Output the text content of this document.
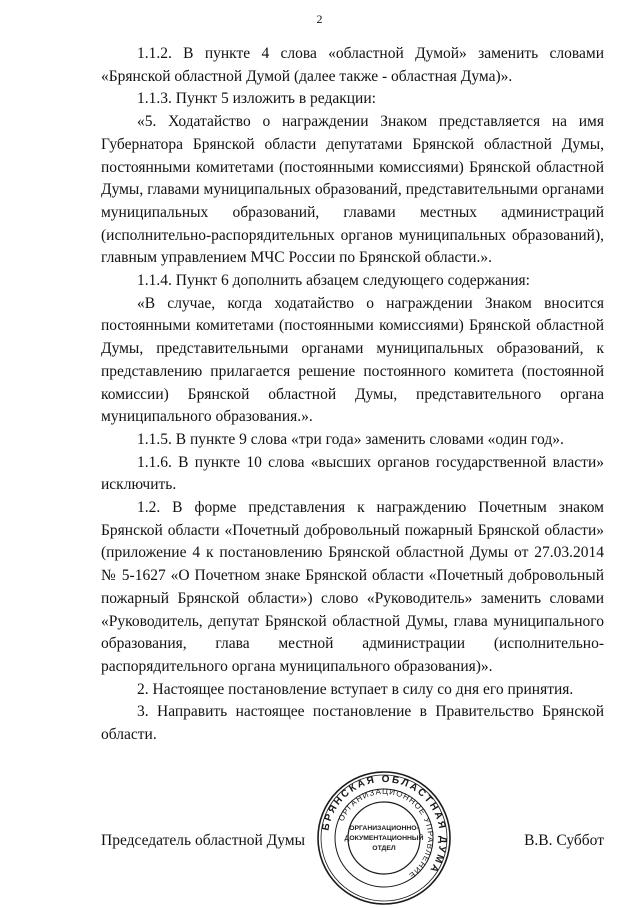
2

1.1.2. В пункте 4 слова «областной Думой» заменить словами «Брянской областной Думой (далее также - областная Дума)».

1.1.3. Пункт 5 изложить в редакции:

«5. Ходатайство о награждении Знаком представляется на имя Губернатора Брянской области депутатами Брянской областной Думы, постоянными комитетами (постоянными комиссиями) Брянской областной Думы, главами муниципальных образований, представительными органами муниципальных образований, главами местных администраций (исполнительно-распорядительных органов муниципальных образований), главным управлением МЧС России по Брянской области.».

1.1.4. Пункт 6 дополнить абзацем следующего содержания:

«В случае, когда ходатайство о награждении Знаком вносится постоянными комитетами (постоянными комиссиями) Брянской областной Думы, представительными органами муниципальных образований, к представлению прилагается решение постоянного комитета (постоянной комиссии) Брянской областной Думы, представительного органа муниципального образования.».

1.1.5. В пункте 9 слова «три года» заменить словами «один год».

1.1.6. В пункте 10 слова «высших органов государственной власти» исключить.

1.2. В форме представления к награждению Почетным знаком Брянской области «Почетный добровольный пожарный Брянской области» (приложение 4 к постановлению Брянской областной Думы от 27.03.2014 № 5-1627 «О Почетном знаке Брянской области «Почетный добровольный пожарный Брянской области») слово «Руководитель» заменить словами «Руководитель, депутат Брянской областной Думы, глава муниципального образования, глава местной администрации (исполнительно-распорядительного органа муниципального образования)».

2. Настоящее постановление вступает в силу со дня его принятия.

3. Направить настоящее постановление в Правительство Брянской области.

БРЯНСКАЯ ОБЛАСТНАЯ ДУМА
ОРГАНИЗАЦИОННОЕ УПРАВЛЕНИЕ
ОРГАНИЗАЦИОННО-
ДОКУМЕНТАЦИОННЫЙ
ОТДЕЛ
Председатель областной Думы	В.В. Суббот
